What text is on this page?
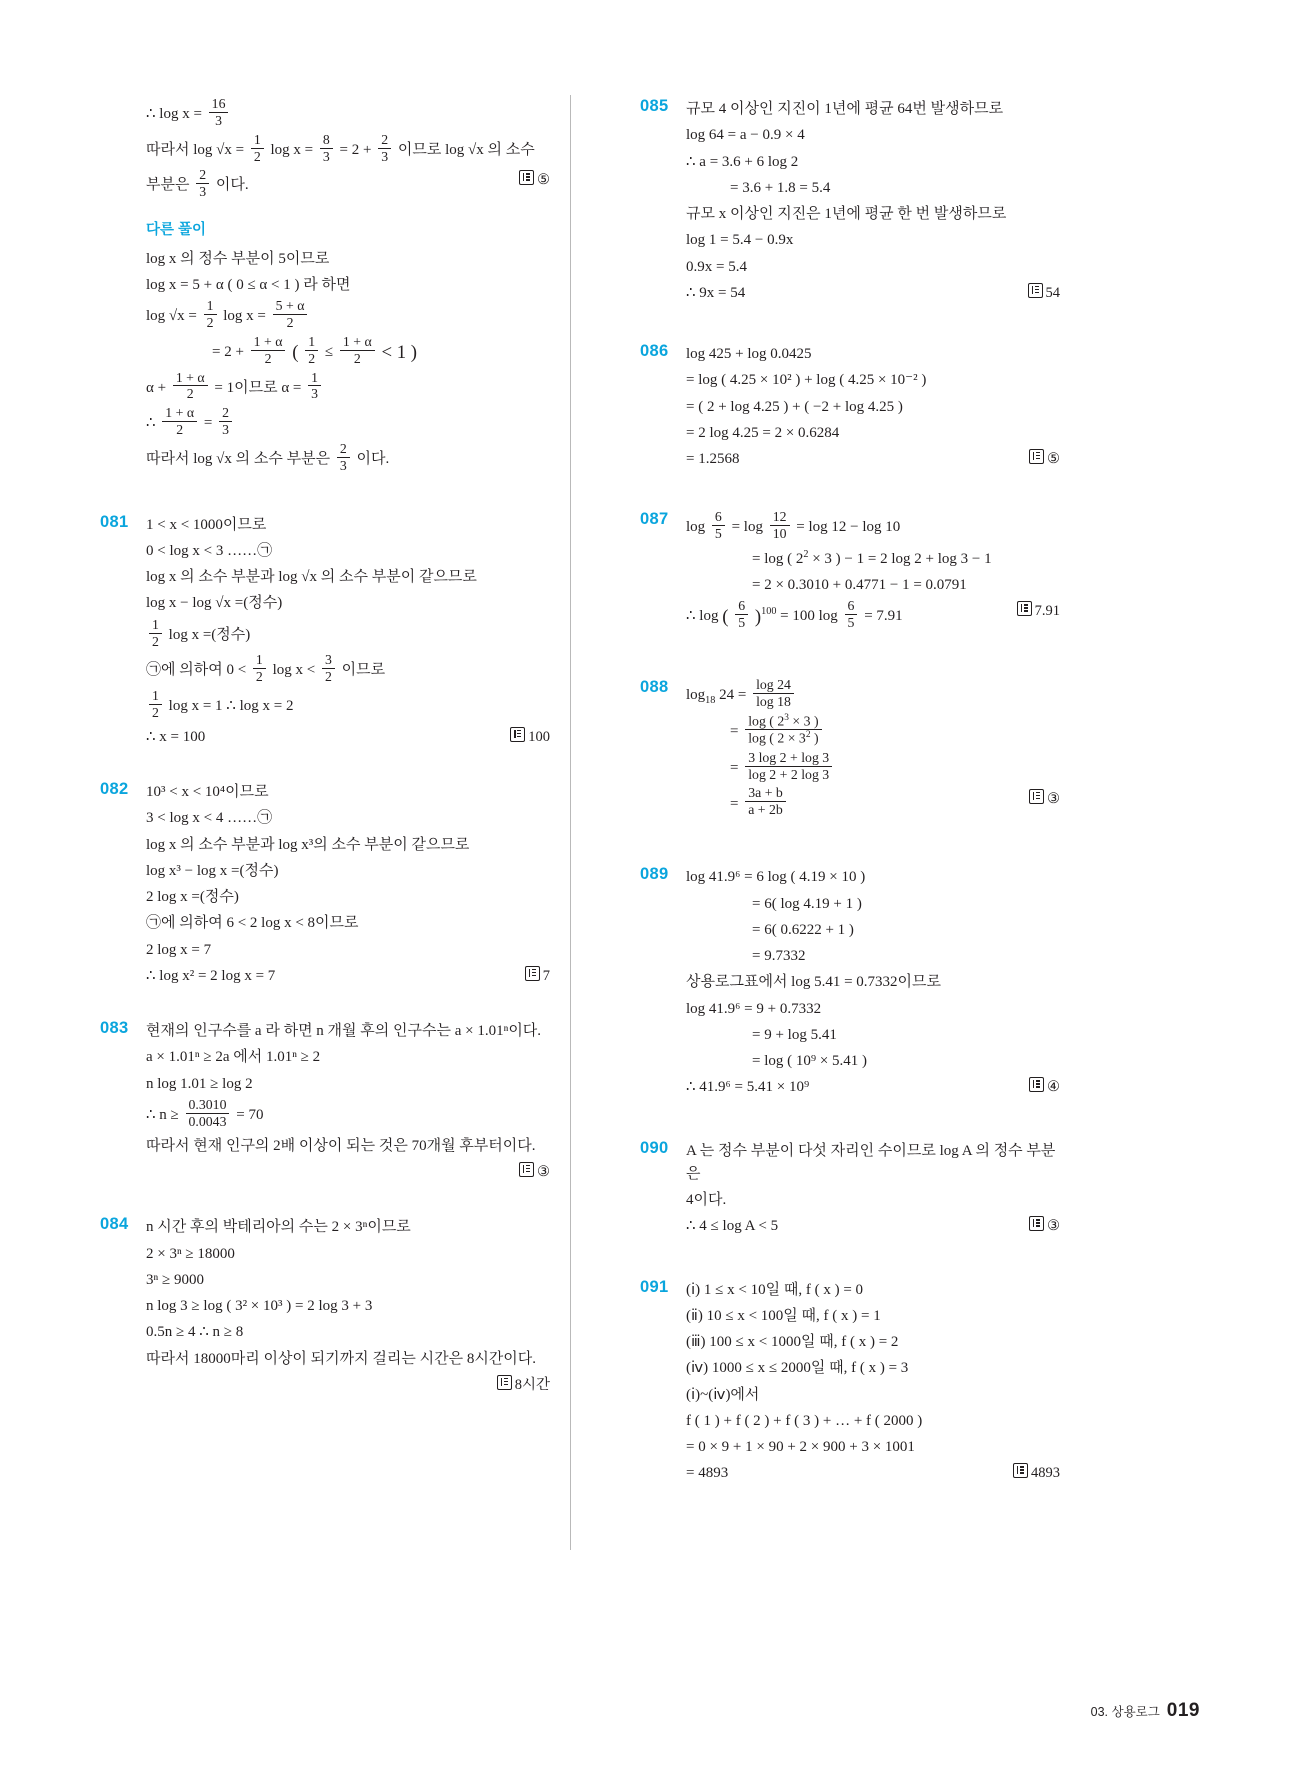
∴ $\log x = \frac{16}{3}$
따라서 $\log √x = \frac{1}{2}$ $\log x = \frac{8}{3} = 2 + \frac{2}{3}$ 이므로 log √x 의 소수
⑤
부분은 $\frac{2}{3}$ 이다.
다른 풀이
log x 의 정수 부분이 5이므로
log x = 5 + α ( 0 ≤ α < 1 ) 라 하면
$\log √x = \frac{1}{2}$ $\log x = \frac{5 + \alpha}{2}$
= $2 + \frac{1 + \alpha}{2}$ ( $\frac{1}{2} \le \frac{1 + \alpha}{2} < 1$ )
$\alpha + \frac{1 + \alpha}{2} = 1$이므로 $\alpha = \frac{1}{3}$
∴ $\frac{1 + \alpha}{2} = \frac{2}{3}$
따라서 log √x 의 소수 부분은 $\frac{2}{3}$ 이다.
081	1 < x < 1000이므로
0 < log x < 3 ……㉠
log x 의 소수 부분과 log √x 의 소수 부분이 같으므로
log x − log √x =(정수)
$\frac{1}{2}$ log x =(정수)
㉠에 의하여 $0 < \frac{1}{2}$ $\log x < \frac{3}{2}$ 이므로
$\frac{1}{2}$ log x = 1 ∴ log x = 2
100
∴ x = 100
082	10³ < x < 10⁴이므로
3 < log x < 4 ……㉠
log x 의 소수 부분과 log x³의 소수 부분이 같으므로
log x³ − log x =(정수)
2 log x =(정수)
㉠에 의하여 6 < 2 log x < 8이므로
2 log x = 7
7
∴ log x² = 2 log x = 7
083	현재의 인구수를 a 라 하면 n 개월 후의 인구수는 a × 1.01ⁿ이다.
a × 1.01ⁿ ≥ 2a 에서 1.01ⁿ ≥ 2
n log 1.01 ≥ log 2
∴ $n \ge \frac{0.3010}{0.0043} = 70$
따라서 현재 인구의 2배 이상이 되는 것은 70개월 후부터이다.
③
084	n 시간 후의 박테리아의 수는 2 × 3ⁿ이므로
2 × 3ⁿ ≥ 18000
3ⁿ ≥ 9000
n log 3 ≥ log ( 3² × 10³ ) = 2 log 3 + 3
0.5n ≥ 4 ∴ n ≥ 8
따라서 18000마리 이상이 되기까지 걸리는 시간은 8시간이다.
8시간
085	규모 4 이상인 지진이 1년에 평균 64번 발생하므로
log 64 = a − 0.9 × 4
∴ a = 3.6 + 6 log 2
= 3.6 + 1.8 = 5.4
규모 x 이상인 지진은 1년에 평균 한 번 발생하므로
log 1 = 5.4 − 0.9x
0.9x = 5.4
54
∴ 9x = 54
086	log 425 + log 0.0425
= log ( 4.25 × 10² ) + log ( 4.25 × 10⁻² )
= ( 2 + log 4.25 ) + ( −2 + log 4.25 )
= 2 log 4.25 = 2 × 0.6284
⑤
= 1.2568
087	$\log \frac{6}{5} = \log \frac{12}{10} = \log 12 - \log 10$
= log ( $2^2 \times 3$ ) − 1 = 2 log 2 + log 3 − 1
= 2 × 0.3010 + 0.4771 − 1 = 0.0791
7.91
∴ log ( $\frac{6}{5} )^{100} = 100$ $\log \frac{6}{5} = 7.91$
088	$\log_{18} 24 = \frac{\log 24}{\log 18}$
= $\frac{\log ( 2^3 \times 3 )}{\log ( 2 \times 3^2 )}$
= $\frac{3 \log 2 + \log 3}{\log 2 + 2 \log 3}$
③
= $\frac{3a + b}{a + 2b}$
089	log 41.9⁶ = 6 log ( 4.19 × 10 )
= 6( log 4.19 + 1 )
= 6( 0.6222 + 1 )
= 9.7332
상용로그표에서 log 5.41 = 0.7332이므로
log 41.9⁶ = 9 + 0.7332
= 9 + log 5.41
= log ( 10⁹ × 5.41 )
④
∴ 41.9⁶ = 5.41 × 10⁹
090	A 는 정수 부분이 다섯 자리인 수이므로 log A 의 정수 부분은
4이다.
③
∴ 4 ≤ log A < 5
091	(ⅰ) 1 ≤ x < 10일 때, f ( x ) = 0
(ⅱ) 10 ≤ x < 100일 때, f ( x ) = 1
(ⅲ) 100 ≤ x < 1000일 때, f ( x ) = 2
(ⅳ) 1000 ≤ x ≤ 2000일 때, f ( x ) = 3
(ⅰ)~(ⅳ)에서
f ( 1 ) + f ( 2 ) + f ( 3 ) + … + f ( 2000 )
= 0 × 9 + 1 × 90 + 2 × 900 + 3 × 1001
4893
= 4893
03. 상용로그 019
